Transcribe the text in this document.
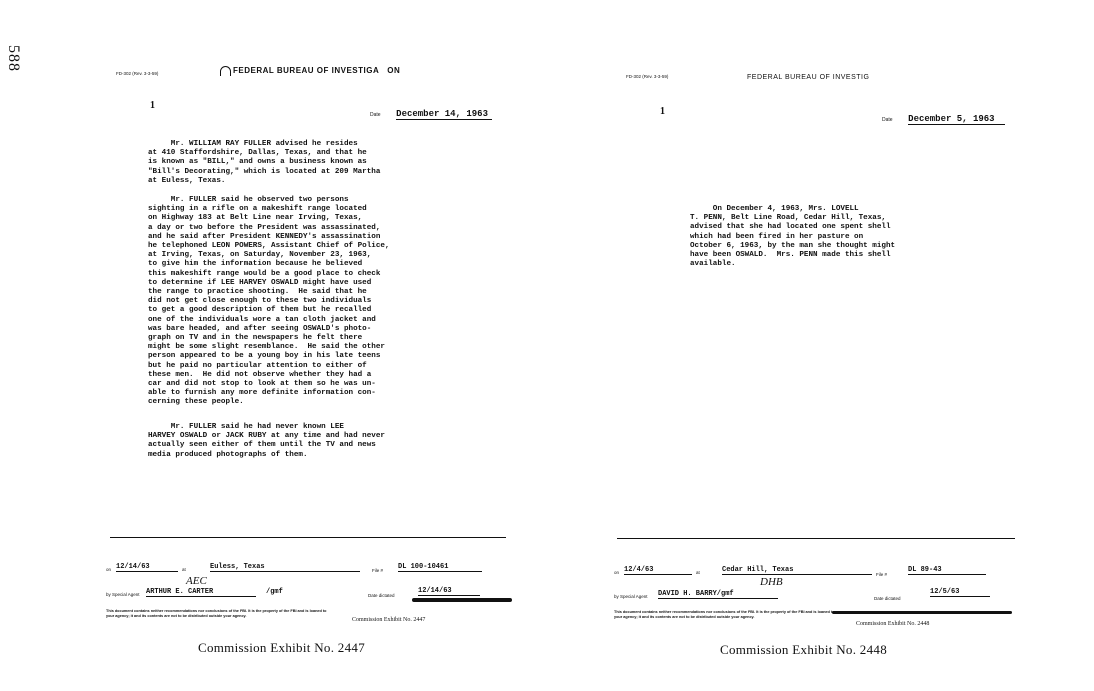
588
FD-302 (Rev. 3-3-59)	FEDERAL BUREAU OF INVESTIGA ON
1
Date December 14, 1963
Mr. WILLIAM RAY FULLER advised he resides
at 410 Staffordshire, Dallas, Texas, and that he
is known as "BILL," and owns a business known as
"Bill's Decorating," which is located at 209 Martha
at Euless, Texas.
Mr. FULLER said he observed two persons
sighting in a rifle on a makeshift range located
on Highway 183 at Belt Line near Irving, Texas,
a day or two before the President was assassinated,
and he said after President KENNEDY's assassination
he telephoned LEON POWERS, Assistant Chief of Police,
at Irving, Texas, on Saturday, November 23, 1963,
to give him the information because he believed
this makeshift range would be a good place to check
to determine if LEE HARVEY OSWALD might have used
the range to practice shooting.  He said that he
did not get close enough to these two individuals
to get a good description of them but he recalled
one of the individuals wore a tan cloth jacket and
was bare headed, and after seeing OSWALD's photo-
graph on TV and in the newspapers he felt there
might be some slight resemblance.  He said the other
person appeared to be a young boy in his late teens
but he paid no particular attention to either of
these men.  He did not observe whether they had a
car and did not stop to look at them so he was un-
able to furnish any more definite information con-
cerning these people.
Mr. FULLER said he had never known LEE
HARVEY OSWALD or JACK RUBY at any time and had never
actually seen either of them until the TV and news
media produced photographs of them.
on 12/14/63	at	Euless, Texas	File # DL 100-10461
AEC
by Special Agent ARTHUR E. CARTER	/gmf	Date dictated
12/14/63
This document contains neither recommendations nor conclusions of the FBI. It is the property of the FBI and is loaned to
your agency; it and its contents are not to be distributed outside your agency.
Commission Exhibit No. 2447
Commission Exhibit No. 2447
FD-302 (Rev. 3-3-59)	FEDERAL BUREAU OF INVESTIG
1
Date December 5, 1963
On December 4, 1963, Mrs. LOVELL
T. PENN, Belt Line Road, Cedar Hill, Texas,
advised that she had located one spent shell
which had been fired in her pasture on
October 6, 1963, by the man she thought might
have been OSWALD.  Mrs. PENN made this shell
available.
on 12/4/63	at	Cedar Hill, Texas
File #
DL 89-43
DHB
by Special Agent DAVID H. BARRY/gmf
Date dictated
12/5/63
This document contains neither recommendations nor conclusions of the FBI. It is the property of the FBI and is loaned to
your agency; it and its contents are not to be distributed outside your agency.
Commission Exhibit No. 2448
Commission Exhibit No. 2448
